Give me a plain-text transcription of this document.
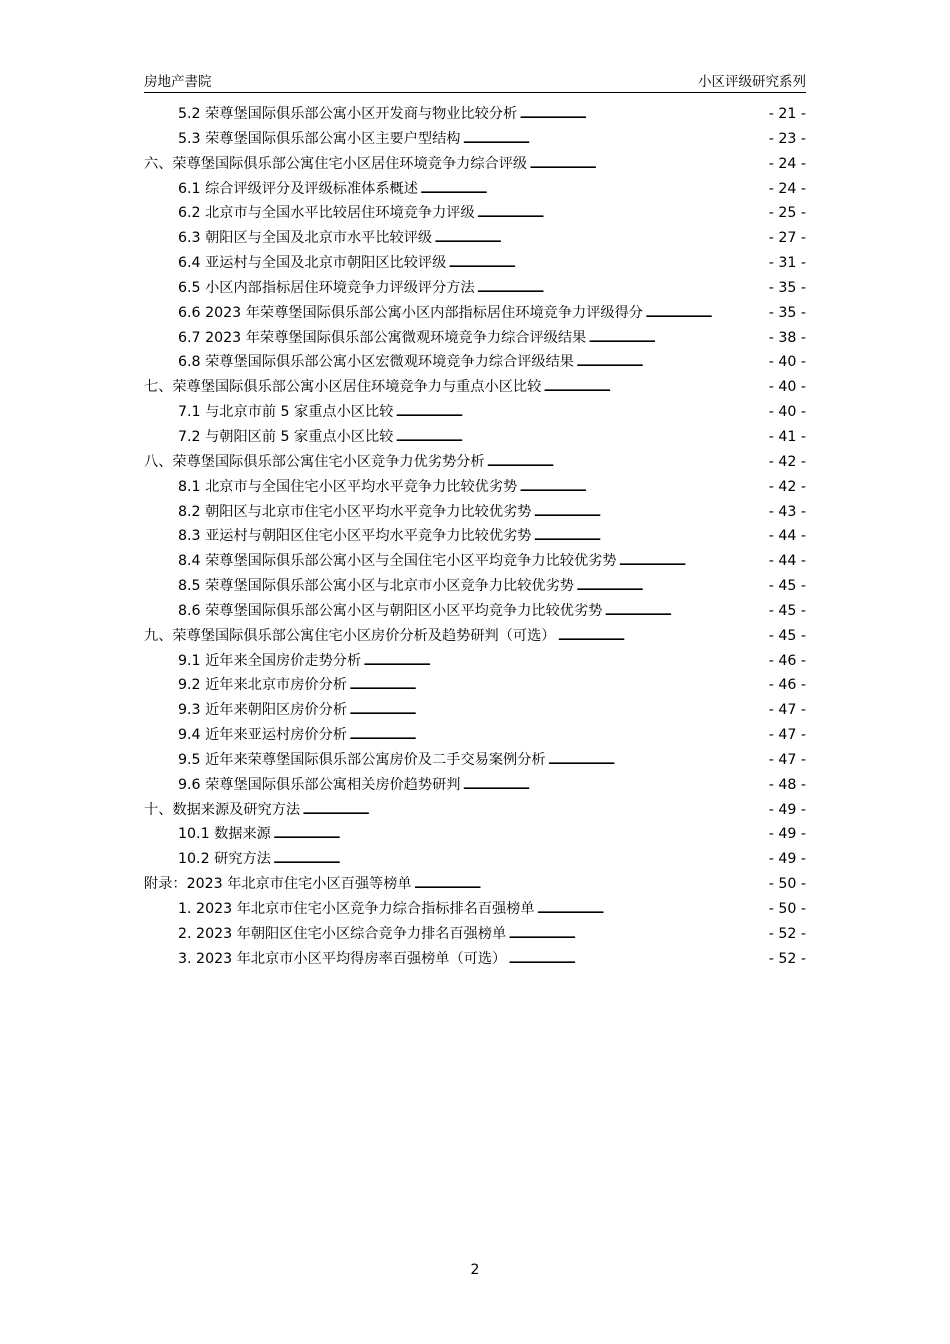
房地产書院	小区评级研究系列
5.2 荣尊堡国际俱乐部公寓小区开发商与物业比较分析 . . .	- 21 -
5.3 荣尊堡国际俱乐部公寓小区主要户型结构 . . .	- 23 -
六、荣尊堡国际俱乐部公寓住宅小区居住环境竞争力综合评级 . . .	- 24 -
6.1 综合评级评分及评级标准体系概述 . . .	- 24 -
6.2 北京市与全国水平比较居住环境竞争力评级 . . .	- 25 -
6.3 朝阳区与全国及北京市水平比较评级 . . .	- 27 -
6.4 亚运村与全国及北京市朝阳区比较评级 . . .	- 31 -
6.5 小区内部指标居住环境竞争力评级评分方法 . . .	- 35 -
6.6 2023 年荣尊堡国际俱乐部公寓小区内部指标居住环境竞争力评级得分 . . .	- 35 -
6.7 2023 年荣尊堡国际俱乐部公寓微观环境竞争力综合评级结果 . . .	- 38 -
6.8 荣尊堡国际俱乐部公寓小区宏微观环境竞争力综合评级结果 . . .	- 40 -
七、荣尊堡国际俱乐部公寓小区居住环境竞争力与重点小区比较 . . .	- 40 -
7.1 与北京市前 5 家重点小区比较 . . .	- 40 -
7.2 与朝阳区前 5 家重点小区比较 . . .	- 41 -
八、荣尊堡国际俱乐部公寓住宅小区竞争力优劣势分析 . . .	- 42 -
8.1 北京市与全国住宅小区平均水平竞争力比较优劣势 . . .	- 42 -
8.2 朝阳区与北京市住宅小区平均水平竞争力比较优劣势 . . .	- 43 -
8.3 亚运村与朝阳区住宅小区平均水平竞争力比较优劣势 . . .	- 44 -
8.4 荣尊堡国际俱乐部公寓小区与全国住宅小区平均竞争力比较优劣势 . . .	- 44 -
8.5 荣尊堡国际俱乐部公寓小区与北京市小区竞争力比较优劣势 . . .	- 45 -
8.6 荣尊堡国际俱乐部公寓小区与朝阳区小区平均竞争力比较优劣势 . . .	- 45 -
九、荣尊堡国际俱乐部公寓住宅小区房价分析及趋势研判（可选） . . .	- 45 -
9.1 近年来全国房价走势分析 . . .	- 46 -
9.2 近年来北京市房价分析 . . .	- 46 -
9.3 近年来朝阳区房价分析 . . .	- 47 -
9.4 近年来亚运村房价分析 . . .	- 47 -
9.5 近年来荣尊堡国际俱乐部公寓房价及二手交易案例分析 . . .	- 47 -
9.6 荣尊堡国际俱乐部公寓相关房价趋势研判 . . .	- 48 -
十、数据来源及研究方法 . . .	- 49 -
10.1 数据来源 . . .	- 49 -
10.2 研究方法 . . .	- 49 -
附录：2023 年北京市住宅小区百强等榜单 . . .	- 50 -
1. 2023 年北京市住宅小区竞争力综合指标排名百强榜单 . . .	- 50 -
2. 2023 年朝阳区住宅小区综合竞争力排名百强榜单 . . .	- 52 -
3. 2023 年北京市小区平均得房率百强榜单（可选） . . .	- 52 -
2
